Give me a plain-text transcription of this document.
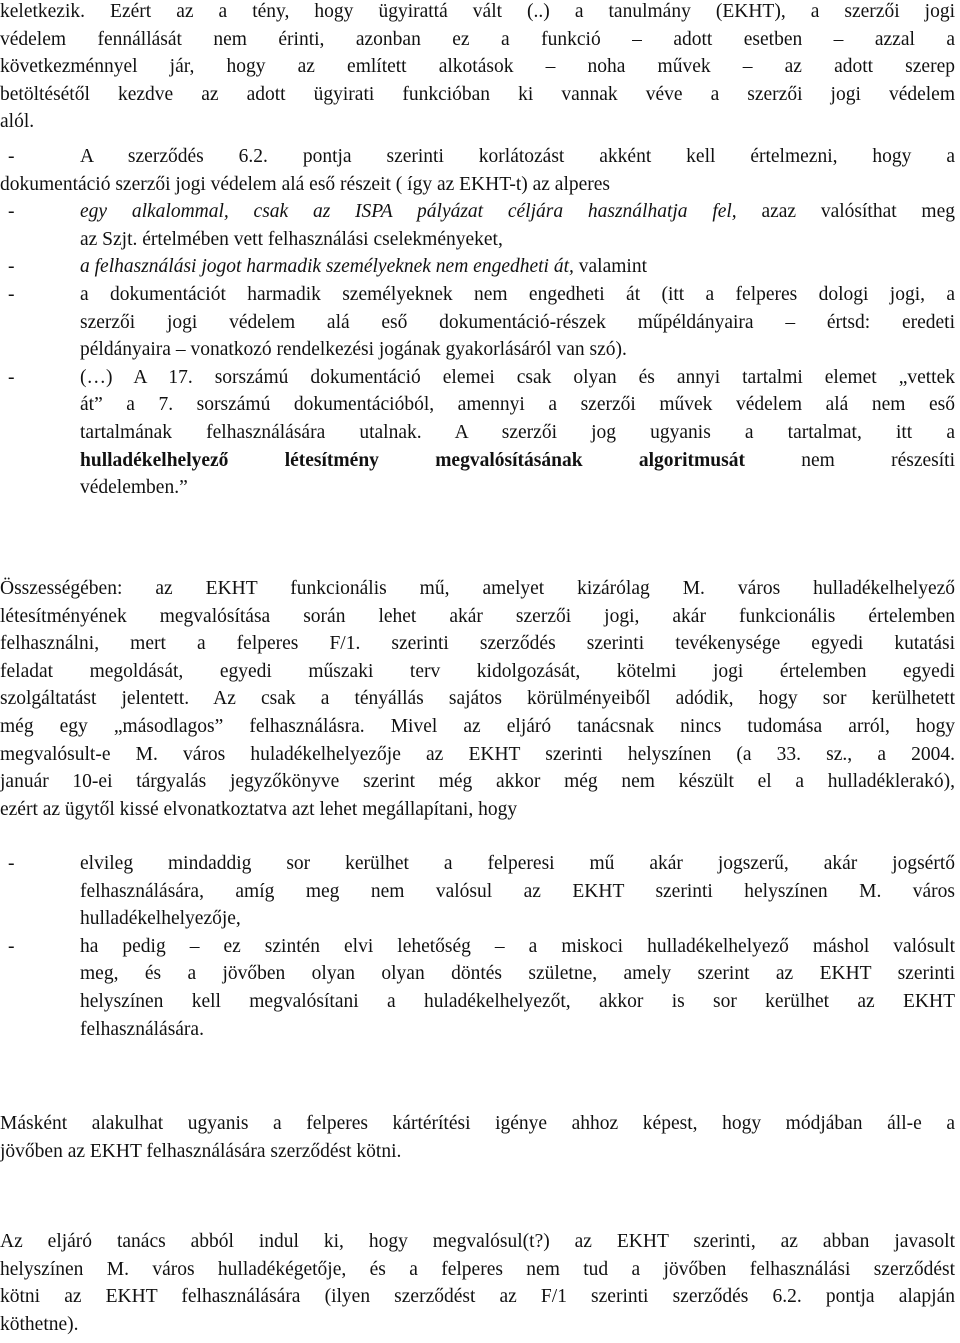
keletkezik. Ezért az a tény, hogy ügyirattá vált (..) a tanulmány (EKHT), a szerzői jogi
védelem fennállását nem érinti, azonban ez a funkció – adott esetben – azzal a
következménnyel jár, hogy az említett alkotások – noha művek – az adott szerep
betöltésétől kezdve az adott ügyirati funkcióban ki vannak véve a szerzői jogi védelem
alól.
-	A szerződés 6.2. pontja szerinti korlátozást akként kell értelmezni, hogy a
dokumentáció szerzői jogi védelem alá eső részeit ( így az EKHT-t) az alperes
-	egy alkalommal, csak az ISPA pályázat céljára használhatja fel, azaz valósíthat meg
az Szjt. értelmében vett felhasználási cselekményeket,
-	a felhasználási jogot harmadik személyeknek nem engedheti át, valamint
-	a dokumentációt harmadik személyeknek nem engedheti át (itt a felperes dologi jogi, a
szerzői jogi védelem alá eső dokumentáció-részek műpéldányaira – értsd: eredeti
példányaira – vonatkozó rendelkezési jogának gyakorlásáról van szó).
-	(…) A 17. sorszámú dokumentáció elemei csak olyan és annyi tartalmi elemet „vettek
át” a 7. sorszámú dokumentációból, amennyi a szerzői művek védelem alá nem eső
tartalmának felhasználására utalnak. A szerzői jog ugyanis a tartalmat, itt a
hulladékelhelyező létesítmény megvalósításának algoritmusát nem részesíti
védelemben.”
Összességében: az EKHT funkcionális mű, amelyet kizárólag M. város hulladékelhelyező
létesítményének megvalósítása során lehet akár szerzői jogi, akár funkcionális értelemben
felhasználni, mert a felperes F/1. szerinti szerződés szerinti tevékenysége egyedi kutatási
feladat megoldását, egyedi műszaki terv kidolgozását, kötelmi jogi értelemben egyedi
szolgáltatást jelentett. Az csak a tényállás sajátos körülményeiből adódik, hogy sor kerülhetett
még egy „másodlagos” felhasználásra. Mivel az eljáró tanácsnak nincs tudomása arról, hogy
megvalósult-e M. város huladékelhelyezője az EKHT szerinti helyszínen (a 33. sz., a 2004.
január 10-ei tárgyalás jegyzőkönyve szerint még akkor még nem készült el a hulladéklerakó),
ezért az ügytől kissé elvonatkoztatva azt lehet megállapítani, hogy
-	elvileg mindaddig sor kerülhet a felperesi mű akár jogszerű, akár jogsértő
felhasználására, amíg meg nem valósul az EKHT szerinti helyszínen M. város
hulladékelhelyezője,
-	ha pedig – ez szintén elvi lehetőség – a miskoci hulladékelhelyező máshol valósult
meg, és a jövőben olyan olyan döntés születne, amely szerint az EKHT szerinti
helyszínen kell megvalósítani a huladékelhelyezőt, akkor is sor kerülhet az EKHT
felhasználására.
Másként alakulhat ugyanis a felperes kártérítési igénye ahhoz képest, hogy módjában áll-e a
jövőben az EKHT felhasználására szerződést kötni.
Az eljáró tanács abból indul ki, hogy megvalósul(t?) az EKHT szerinti, az abban javasolt
helyszínen M. város hulladékégetője, és a felperes nem tud a jövőben felhasználási szerződést
kötni az EKHT felhasználására (ilyen szerződést az F/1 szerinti szerződés 6.2. pontja alapján
köthetne).
